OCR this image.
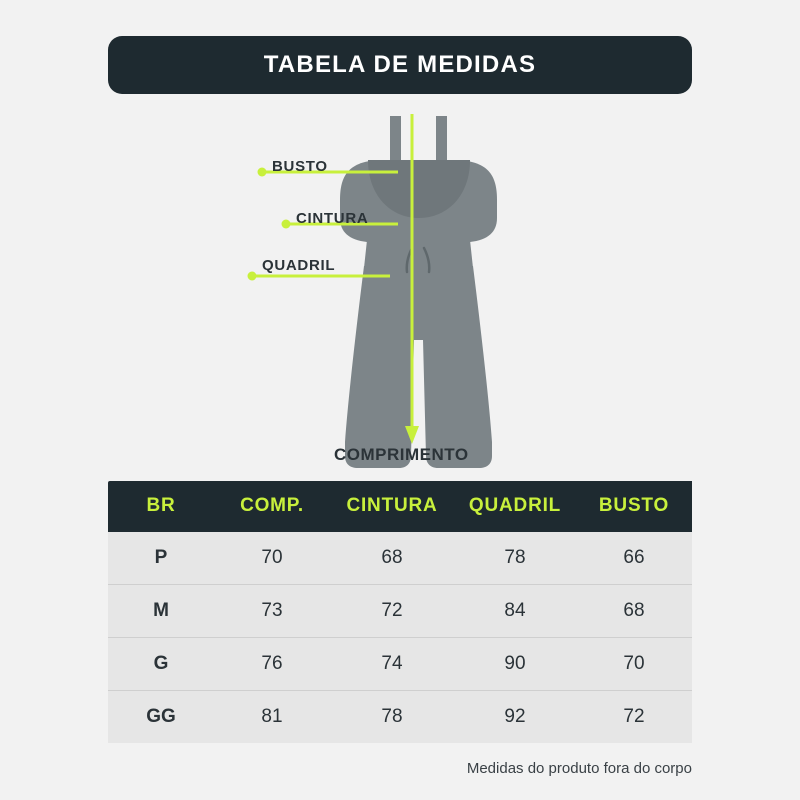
TABELA DE MEDIDAS
BUSTO
CINTURA
QUADRIL
COMPRIMENTO
BR	COMP.	CINTURA	QUADRIL	BUSTO
P	70	68	78	66
M	73	72	84	68
G	76	74	90	70
GG	81	78	92	72
Medidas do produto fora do corpo
